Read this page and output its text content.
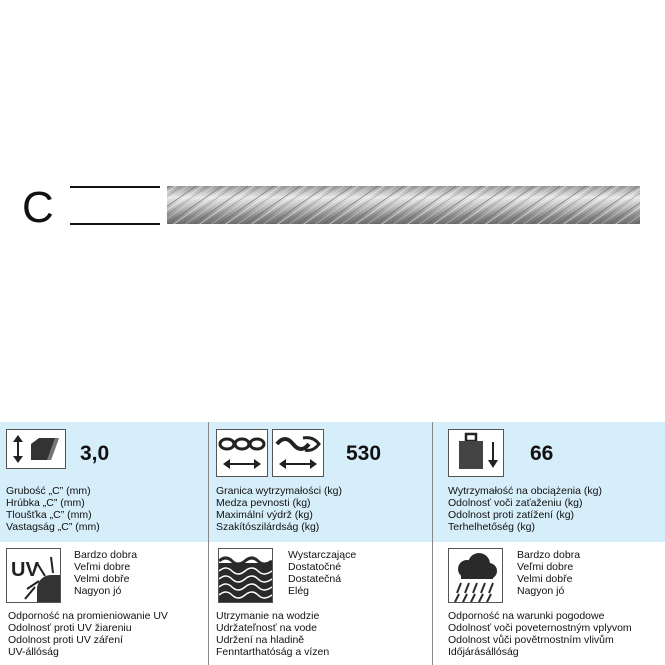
C
3,0
Grubość „C” (mm)
Hrúbka „C” (mm)
Tloušťka „C” (mm)
Vastagság „C” (mm)
530
Granica wytrzymałości (kg)
Medza pevnosti (kg)
Maximální výdrž (kg)
Szakítószilárdság (kg)
66
Wytrzymałość na obciążenia (kg)
Odolnosť voči zaťaženiu (kg)
Odolnost proti zatížení (kg)
Terhelhetőség (kg)
UV
Bardzo dobra
Veľmi dobre
Velmi dobře
Nagyon jó
Odporność na promieniowanie UV
Odolnosť proti UV žiareniu
Odolnost proti UV záření
UV-állóság
Wystarczające
Dostatočné
Dostatečná
Elég
Utrzymanie na wodzie
Udržateľnosť na vode
Udržení na hladině
Fenntarthatóság a vízen
Bardzo dobra
Veľmi dobre
Velmi dobře
Nagyon jó
Odporność na warunki pogodowe
Odolnosť voči poveternostným vplyvom
Odolnost vůči povětrnostním vlivům
Időjárásállóság
